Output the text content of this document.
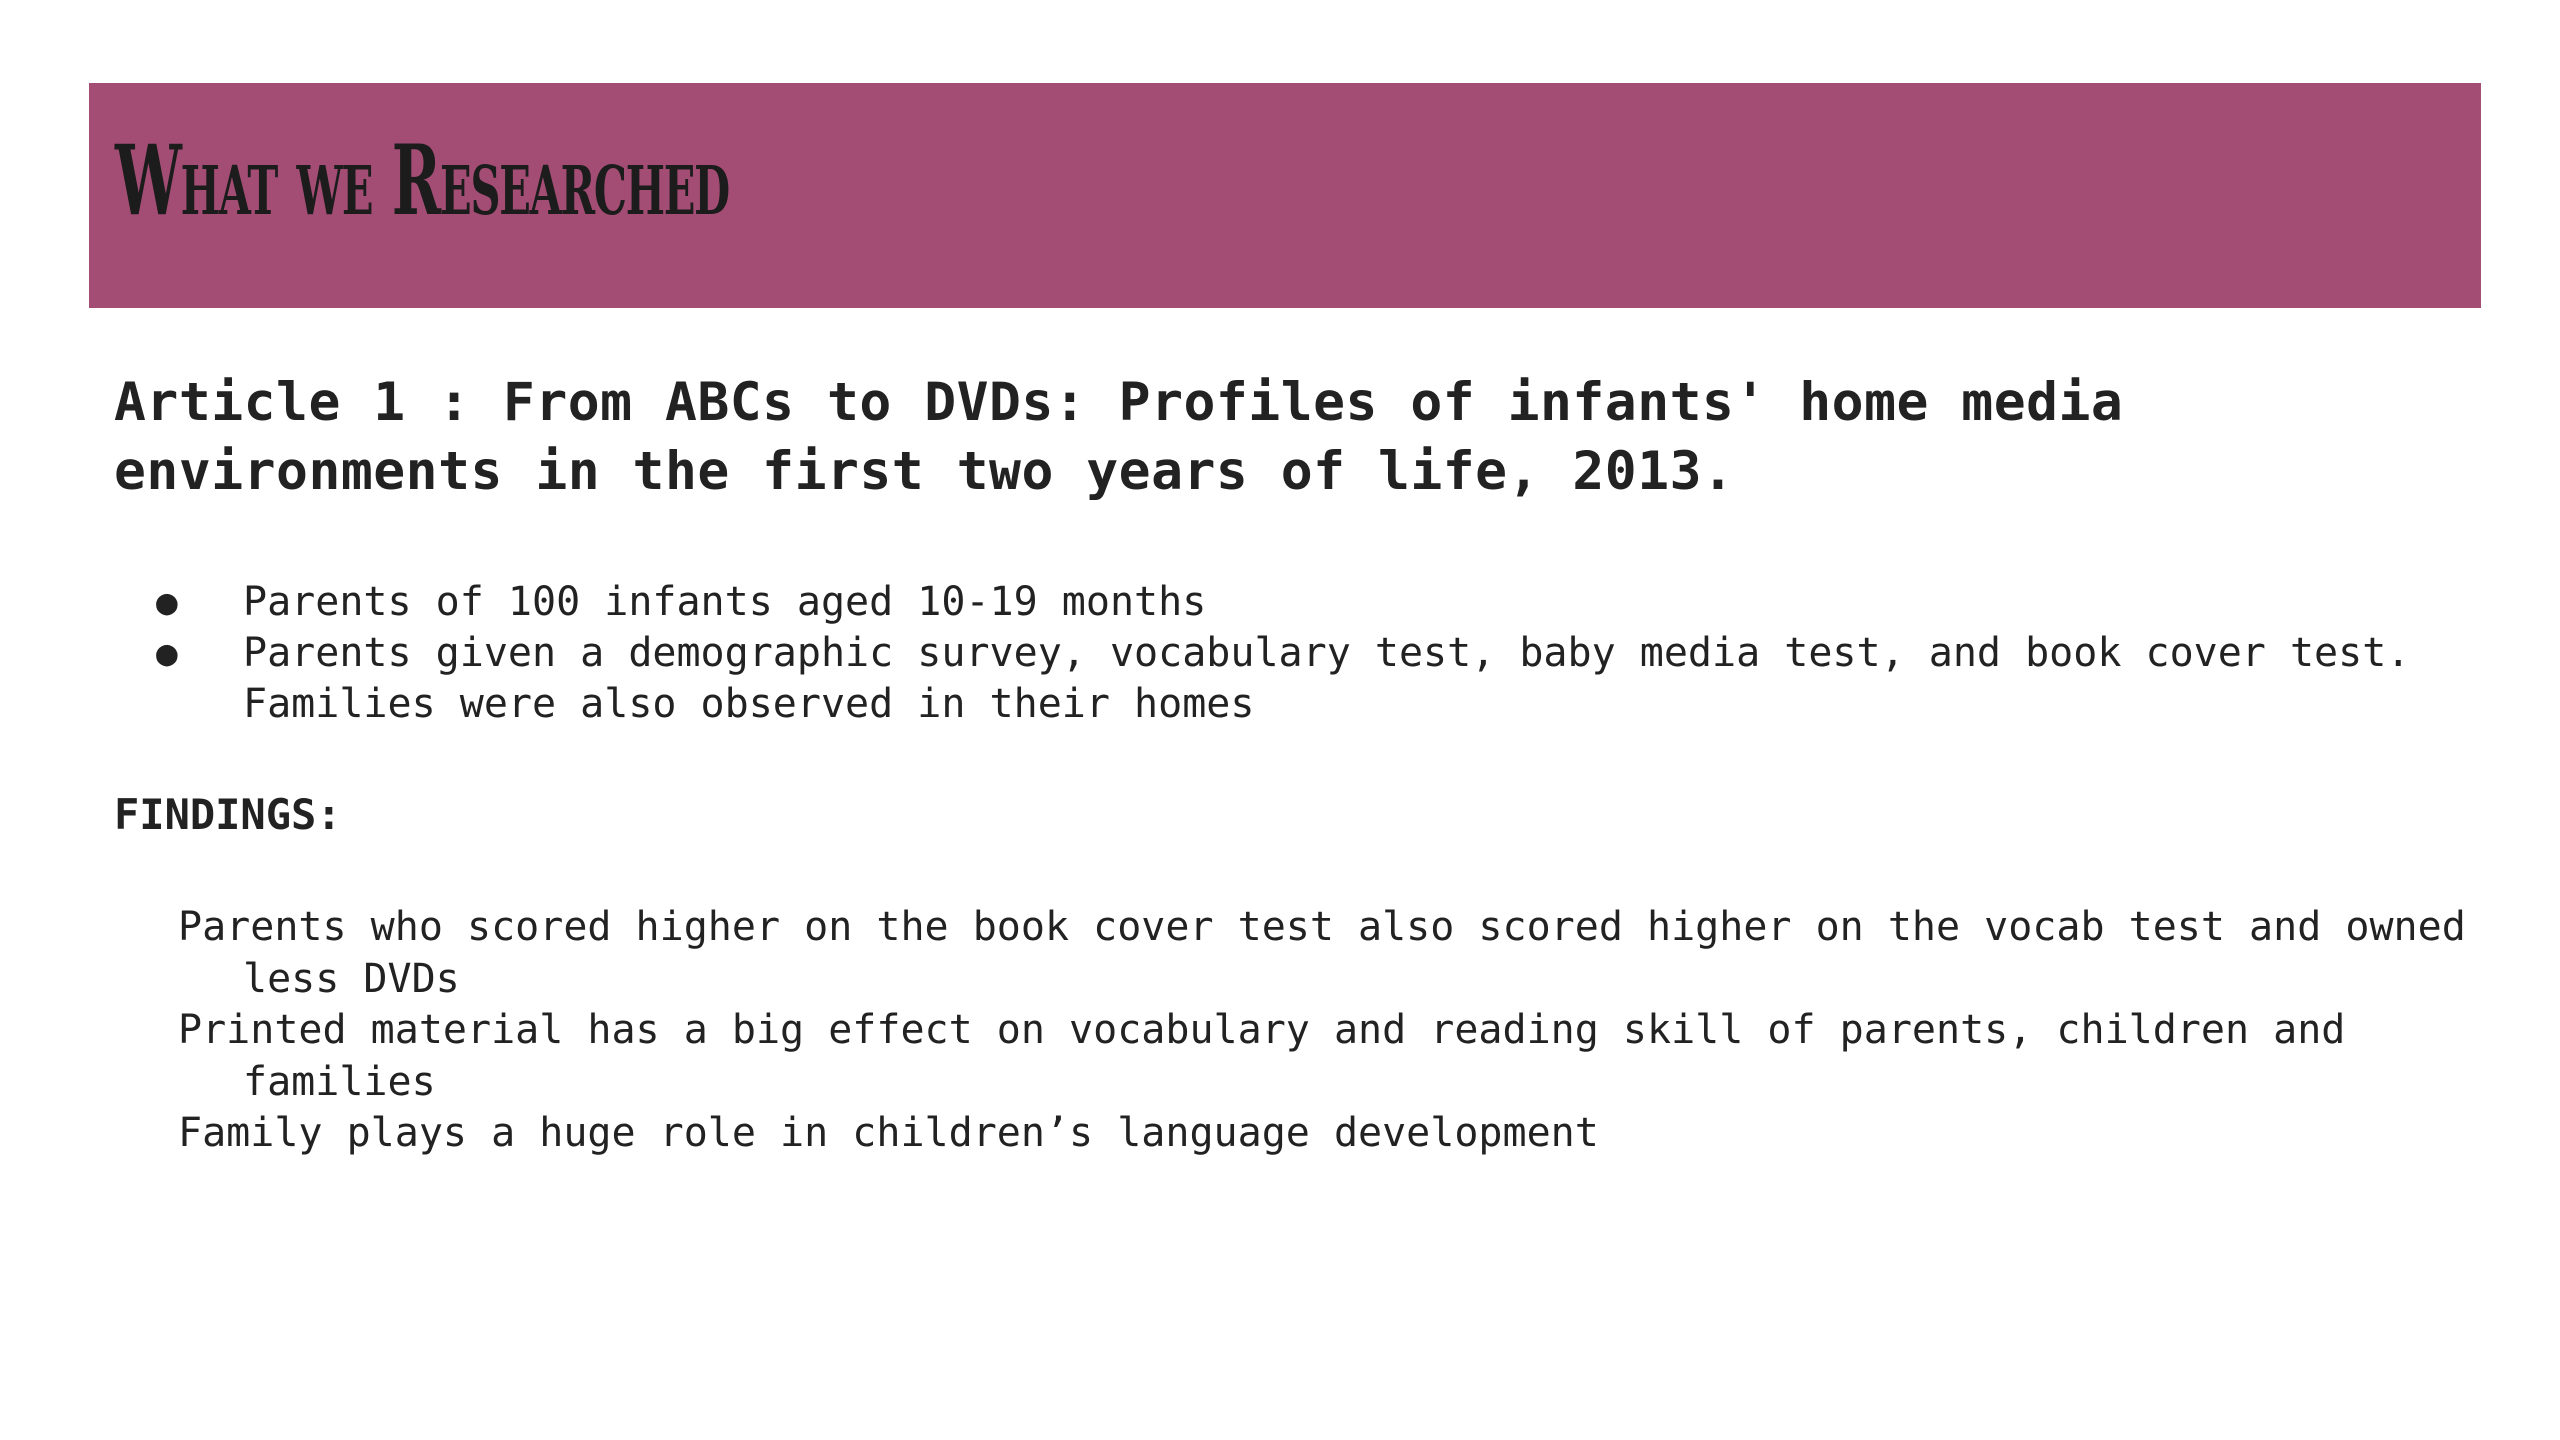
What we Researched
Article 1 : From ABCs to DVDs: Profiles of infants' home media environments in the first two years of life, 2013.
● Parents of 100 infants aged 10-19 months
● Parents given a demographic survey, vocabulary test, baby media test, and book cover test. Families were also observed in their homes
FINDINGS:
Parents who scored higher on the book cover test also scored higher on the vocab test and owned less DVDs
Printed material has a big effect on vocabulary and reading skill of parents, children and families
Family plays a huge role in children’s language development
